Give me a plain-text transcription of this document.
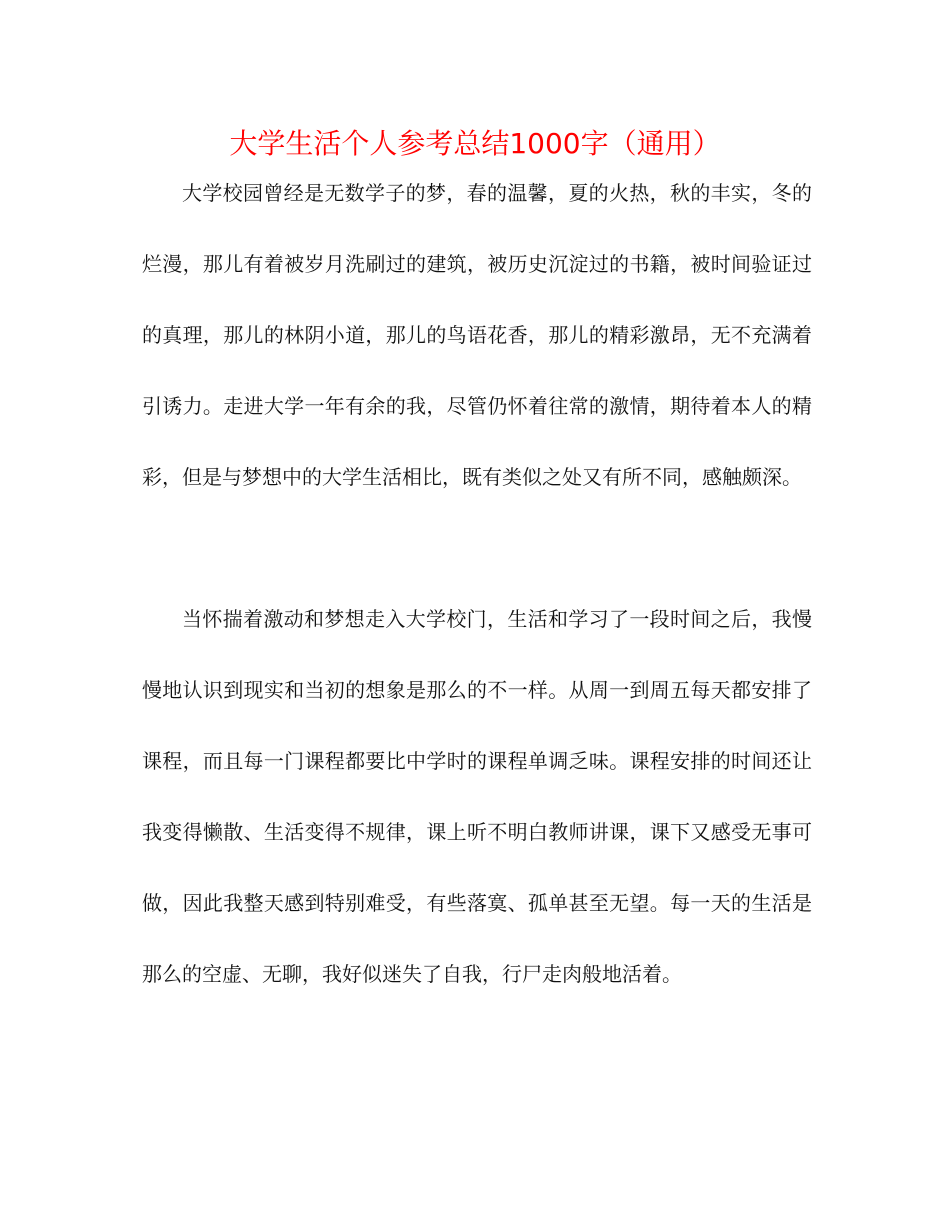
大学生活个人参考总结1000字（通用）

大学校园曾经是无数学子的梦，春的温馨，夏的火热，秋的丰实，冬的烂漫，那儿有着被岁月洗刷过的建筑，被历史沉淀过的书籍，被时间验证过的真理，那儿的林阴小道，那儿的鸟语花香，那儿的精彩激昂，无不充满着引诱力。走进大学一年有余的我，尽管仍怀着往常的激情，期待着本人的精彩，但是与梦想中的大学生活相比，既有类似之处又有所不同，感触颇深。

当怀揣着激动和梦想走入大学校门，生活和学习了一段时间之后，我慢慢地认识到现实和当初的想象是那么的不一样。从周一到周五每天都安排了课程，而且每一门课程都要比中学时的课程单调乏味。课程安排的时间还让我变得懒散、生活变得不规律，课上听不明白教师讲课，课下又感受无事可做，因此我整天感到特别难受，有些落寞、孤单甚至无望。每一天的生活是那么的空虚、无聊，我好似迷失了自我，行尸走肉般地活着。
